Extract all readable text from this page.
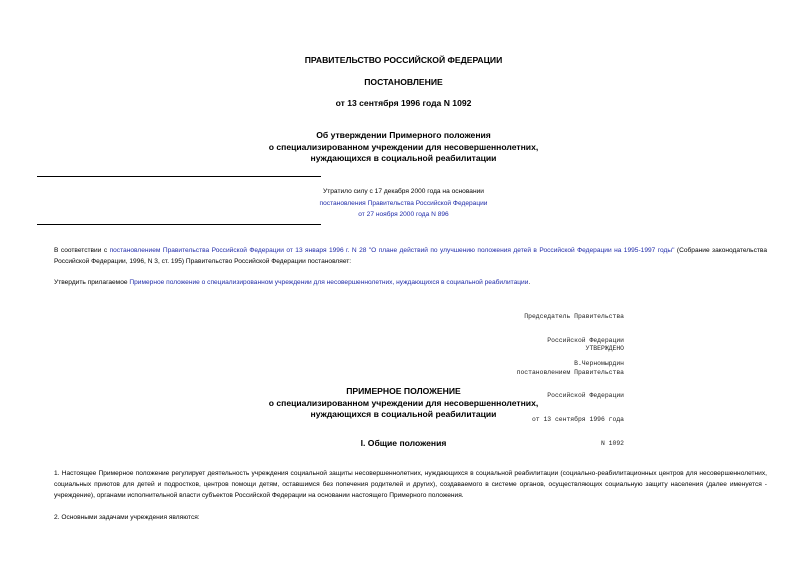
ПРАВИТЕЛЬСТВО РОССИЙСКОЙ ФЕДЕРАЦИИ
ПОСТАНОВЛЕНИЕ
от 13 сентября 1996 года N 1092
Об утверждении Примерного положения
о специализированном учреждении для несовершеннолетних,
нуждающихся в социальной реабилитации
Утратило силу с 17 декабря 2000 года на основании
постановления Правительства Российской Федерации
от 27 ноября 2000 года N 896
В соответствии с постановлением Правительства Российской Федерации от 13 января 1996 г. N 28 "О плане действий по улучшению положения детей в Российской Федерации на 1995-1997 годы" (Собрание законодательства Российской Федерации, 1996, N 3, ст. 195) Правительство Российской Федерации постановляет:
Утвердить прилагаемое Примерное положение о специализированном учреждении для несовершеннолетних, нуждающихся в социальной реабилитации.

Председатель Правительства

Российской Федерации

В.Черномырдин

УТВЕРЖДЕНО

постановлением Правительства

Российской Федерации

от 13 сентября 1996 года

N 1092

ПРИМЕРНОЕ ПОЛОЖЕНИЕ
о специализированном учреждении для несовершеннолетних,
нуждающихся в социальной реабилитации
I. Общие положения
1. Настоящее Примерное положение регулирует деятельность учреждения социальной защиты несовершеннолетних, нуждающихся в социальной реабилитации (социально-реабилитационных центров для несовершеннолетних, социальных приютов для детей и подростков, центров помощи детям, оставшимся без попечения родителей и других), создаваемого в системе органов, осуществляющих социальную защиту населения (далее именуется - учреждение), органами исполнительной власти субъектов Российской Федерации на основании настоящего Примерного положения.
2. Основными задачами учреждения являются:
